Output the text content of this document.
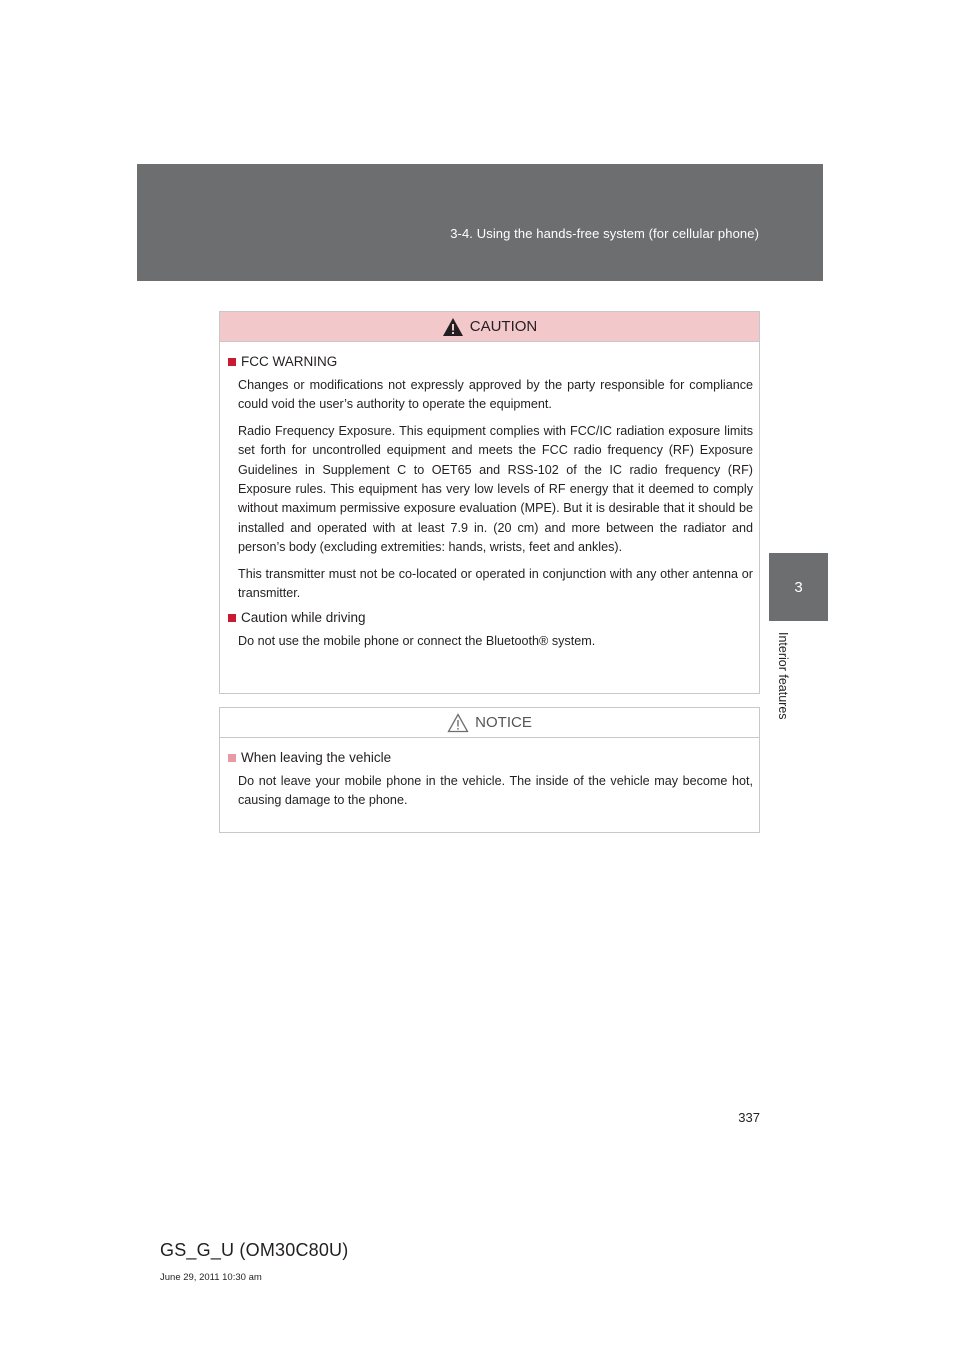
3-4. Using the hands-free system (for cellular phone)
3
Interior features
CAUTION
FCC WARNING

Changes or modifications not expressly approved by the party responsible for compliance could void the user’s authority to operate the equipment.

Radio Frequency Exposure. This equipment complies with FCC/IC radiation exposure limits set forth for uncontrolled equipment and meets the FCC radio frequency (RF) Exposure Guidelines in Supplement C to OET65 and RSS-102 of the IC radio frequency (RF) Exposure rules. This equipment has very low levels of RF energy that it deemed to comply without maximum permissive exposure evaluation (MPE). But it is desirable that it should be installed and operated with at least 7.9 in. (20 cm) and more between the radiator and person’s body (excluding extremities: hands, wrists, feet and ankles).

This transmitter must not be co-located or operated in conjunction with any other antenna or transmitter.

Caution while driving

Do not use the mobile phone or connect the Bluetooth® system.

NOTICE
When leaving the vehicle

Do not leave your mobile phone in the vehicle. The inside of the vehicle may become hot, causing damage to the phone.

337
GS_G_U (OM30C80U)
June 29, 2011 10:30 am
